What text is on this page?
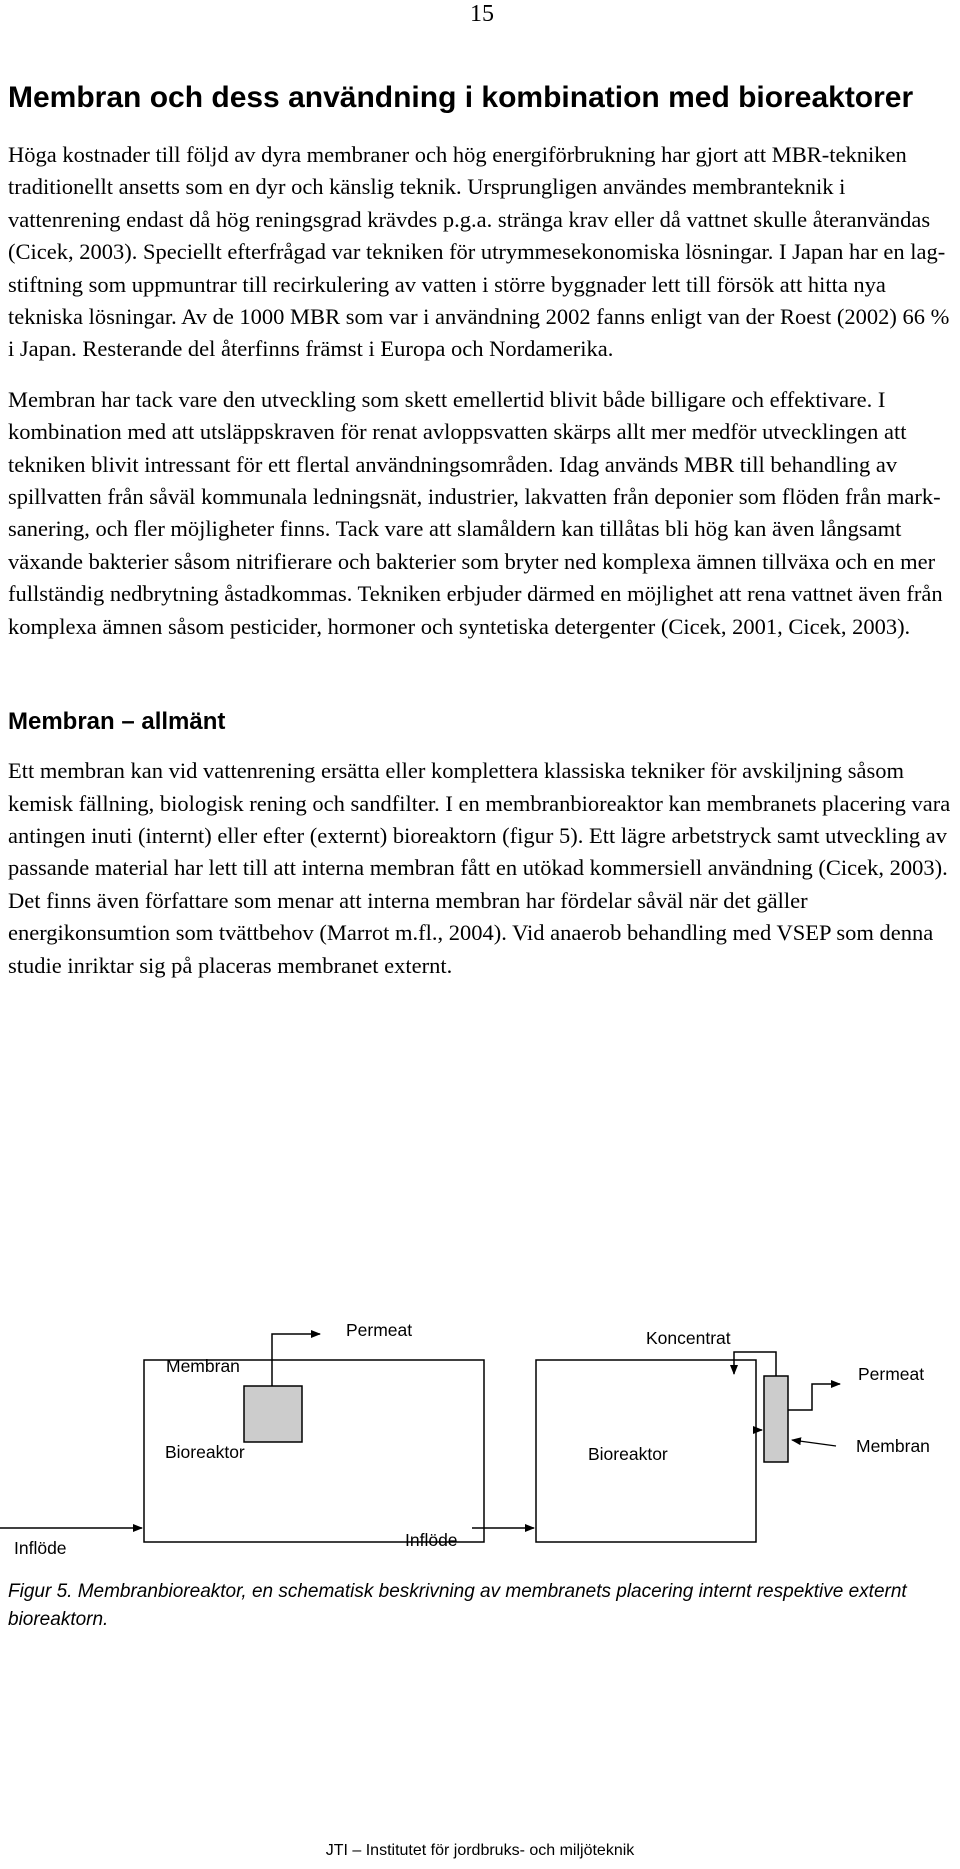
15
Membran och dess användning i kombination med bioreaktorer

Höga kostnader till följd av dyra membraner och hög energiförbrukning har gjort att MBR-tekniken traditionellt ansetts som en dyr och känslig teknik. Ursprungligen användes membranteknik i vattenrening endast då hög reningsgrad krävdes p.g.a. stränga krav eller då vattnet skulle återanvändas (Cicek, 2003). Speciellt efterfrågad var tekniken för utrymmesekonomiska lösningar. I Japan har en lagstiftning som uppmuntrar till recirkulering av vatten i större byggnader lett till försök att hitta nya tekniska lösningar. Av de 1000 MBR som var i användning 2002 fanns enligt van der Roest (2002) 66 % i Japan. Resterande del återfinns främst i Europa och Nordamerika.

Membran har tack vare den utveckling som skett emellertid blivit både billigare och effektivare. I kombination med att utsläppskraven för renat avloppsvatten skärps allt mer medför utvecklingen att tekniken blivit intressant för ett flertal användningsområden. Idag används MBR till behandling av spillvatten från såväl kommunala ledningsnät, industrier, lakvatten från deponier som flöden från marksanering, och fler möjligheter finns. Tack vare att slamåldern kan tillåtas bli hög kan även långsamt växande bakterier såsom nitrifierare och bakterier som bryter ned komplexa ämnen tillväxa och en mer fullständig nedbrytning åstadkommas. Tekniken erbjuder därmed en möjlighet att rena vattnet även från komplexa ämnen såsom pesticider, hormoner och syntetiska detergenter (Cicek, 2001, Cicek, 2003).

Membran – allmänt

Ett membran kan vid vattenrening ersätta eller komplettera klassiska tekniker för avskiljning såsom kemisk fällning, biologisk rening och sandfilter. I en membranbioreaktor kan membranets placering vara antingen inuti (internt) eller efter (externt) bioreaktorn (figur 5). Ett lägre arbetstryck samt utveckling av passande material har lett till att interna membran fått en utökad kommersiell användning (Cicek, 2003). Det finns även författare som menar att interna membran har fördelar såväl när det gäller energikonsumtion som tvättbehov (Marrot m.fl., 2004). Vid anaerob behandling med VSEP som denna studie inriktar sig på placeras membranet externt.

Permeat
Membran
Bioreaktor
Inflöde
Koncentrat
Permeat
Bioreaktor	Membran
Inflöde
Figur 5. Membranbioreaktor, en schematisk beskrivning av membranets placering internt respektive externt bioreaktorn.
JTI – Institutet för jordbruks- och miljöteknik
